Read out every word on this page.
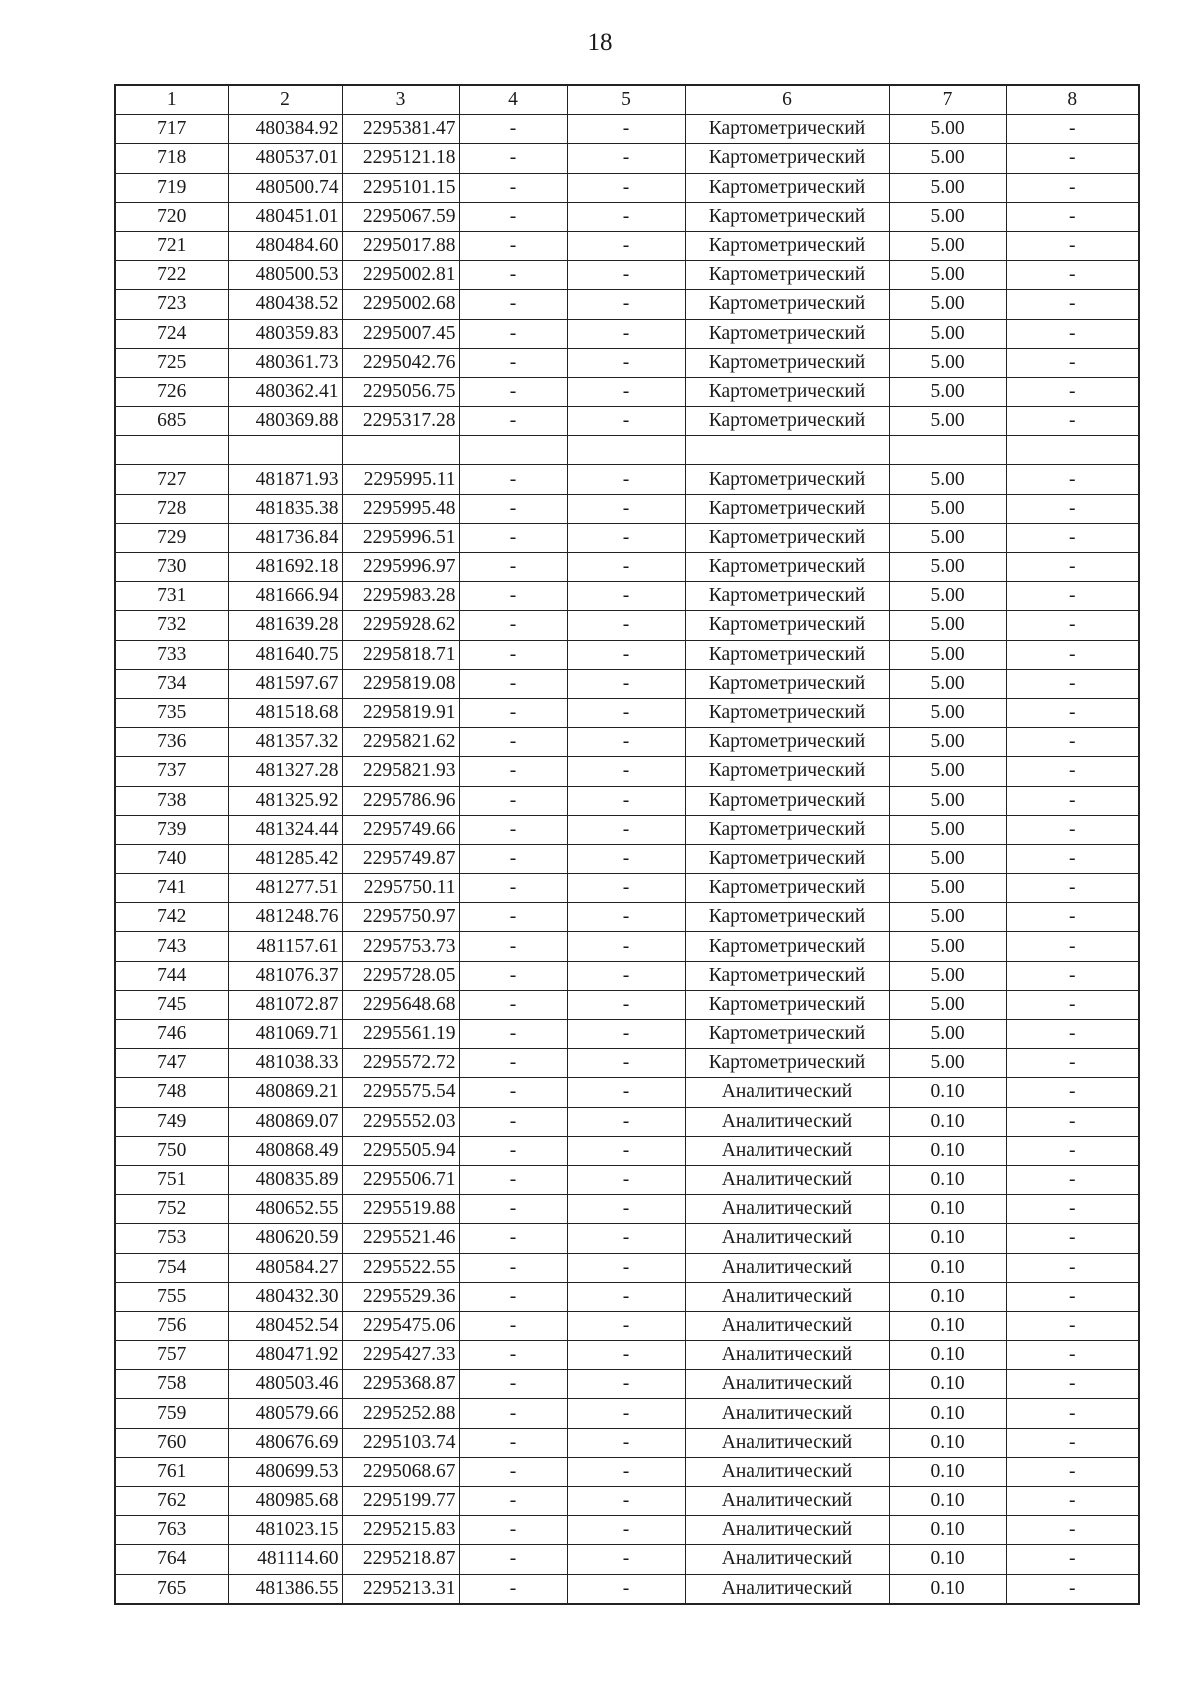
18
1	2	3	4	5	6	7	8
717	480384.92	2295381.47	-	-	Картометрический	5.00	-
718	480537.01	2295121.18	-	-	Картометрический	5.00	-
719	480500.74	2295101.15	-	-	Картометрический	5.00	-
720	480451.01	2295067.59	-	-	Картометрический	5.00	-
721	480484.60	2295017.88	-	-	Картометрический	5.00	-
722	480500.53	2295002.81	-	-	Картометрический	5.00	-
723	480438.52	2295002.68	-	-	Картометрический	5.00	-
724	480359.83	2295007.45	-	-	Картометрический	5.00	-
725	480361.73	2295042.76	-	-	Картометрический	5.00	-
726	480362.41	2295056.75	-	-	Картометрический	5.00	-
685	480369.88	2295317.28	-	-	Картометрический	5.00	-

727	481871.93	2295995.11	-	-	Картометрический	5.00	-
728	481835.38	2295995.48	-	-	Картометрический	5.00	-
729	481736.84	2295996.51	-	-	Картометрический	5.00	-
730	481692.18	2295996.97	-	-	Картометрический	5.00	-
731	481666.94	2295983.28	-	-	Картометрический	5.00	-
732	481639.28	2295928.62	-	-	Картометрический	5.00	-
733	481640.75	2295818.71	-	-	Картометрический	5.00	-
734	481597.67	2295819.08	-	-	Картометрический	5.00	-
735	481518.68	2295819.91	-	-	Картометрический	5.00	-
736	481357.32	2295821.62	-	-	Картометрический	5.00	-
737	481327.28	2295821.93	-	-	Картометрический	5.00	-
738	481325.92	2295786.96	-	-	Картометрический	5.00	-
739	481324.44	2295749.66	-	-	Картометрический	5.00	-
740	481285.42	2295749.87	-	-	Картометрический	5.00	-
741	481277.51	2295750.11	-	-	Картометрический	5.00	-
742	481248.76	2295750.97	-	-	Картометрический	5.00	-
743	481157.61	2295753.73	-	-	Картометрический	5.00	-
744	481076.37	2295728.05	-	-	Картометрический	5.00	-
745	481072.87	2295648.68	-	-	Картометрический	5.00	-
746	481069.71	2295561.19	-	-	Картометрический	5.00	-
747	481038.33	2295572.72	-	-	Картометрический	5.00	-
748	480869.21	2295575.54	-	-	Аналитический	0.10	-
749	480869.07	2295552.03	-	-	Аналитический	0.10	-
750	480868.49	2295505.94	-	-	Аналитический	0.10	-
751	480835.89	2295506.71	-	-	Аналитический	0.10	-
752	480652.55	2295519.88	-	-	Аналитический	0.10	-
753	480620.59	2295521.46	-	-	Аналитический	0.10	-
754	480584.27	2295522.55	-	-	Аналитический	0.10	-
755	480432.30	2295529.36	-	-	Аналитический	0.10	-
756	480452.54	2295475.06	-	-	Аналитический	0.10	-
757	480471.92	2295427.33	-	-	Аналитический	0.10	-
758	480503.46	2295368.87	-	-	Аналитический	0.10	-
759	480579.66	2295252.88	-	-	Аналитический	0.10	-
760	480676.69	2295103.74	-	-	Аналитический	0.10	-
761	480699.53	2295068.67	-	-	Аналитический	0.10	-
762	480985.68	2295199.77	-	-	Аналитический	0.10	-
763	481023.15	2295215.83	-	-	Аналитический	0.10	-
764	481114.60	2295218.87	-	-	Аналитический	0.10	-
765	481386.55	2295213.31	-	-	Аналитический	0.10	-
